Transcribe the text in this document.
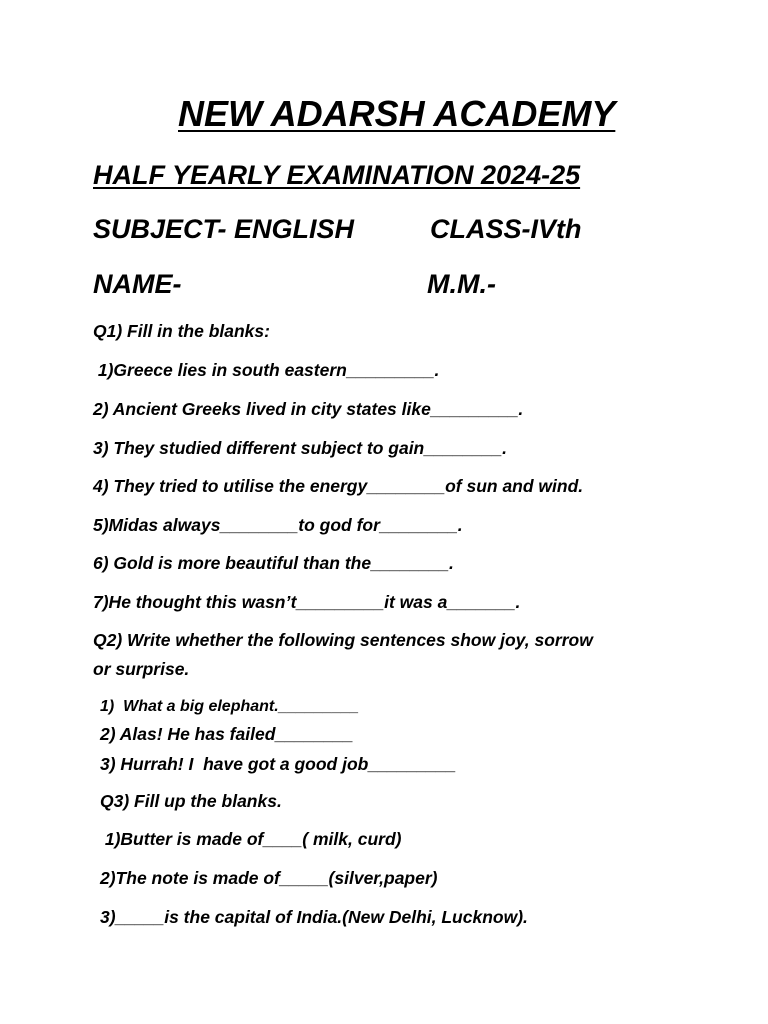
NEW ADARSH ACADEMY
HALF YEARLY EXAMINATION 2024-25
SUBJECT- ENGLISH	CLASS-IVth
NAME-	M.M.-
Q1) Fill in the blanks:
1)Greece lies in south eastern_________.
2) Ancient Greeks lived in city states like_________.
3) They studied different subject to gain________.
4) They tried to utilise the energy________of sun and wind.
5)Midas always________to god for________.
6) Gold is more beautiful than the________.
7)He thought this wasn’t_________it was a_______.
Q2) Write whether the following sentences show joy, sorrow
or surprise.
1)  What a big elephant._________
2) Alas! He has failed________
3) Hurrah! I  have got a good job_________
Q3) Fill up the blanks.
1)Butter is made of____( milk, curd)
2)The note is made of_____(silver,paper)
3)_____is the capital of India.(New Delhi, Lucknow).
